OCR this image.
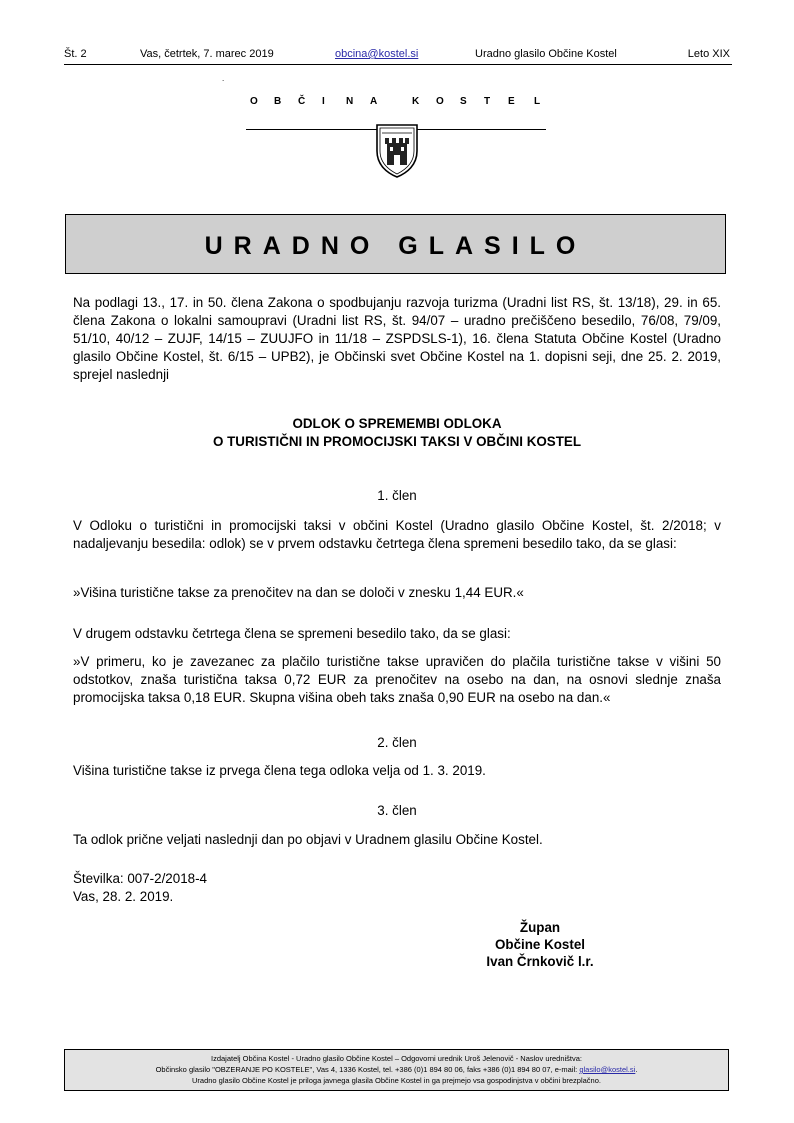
Št. 2	Vas, četrtek, 7. marec 2019	obcina@kostel.si	Uradno glasilo Občine Kostel	Leto XIX
.
O B Č I N A	K O S T E L
URADNO GLASILO

Na podlagi 13., 17. in 50. člena Zakona o spodbujanju razvoja turizma (Uradni list RS, št. 13/18), 29. in 65. člena Zakona o lokalni samoupravi (Uradni list RS, št. 94/07 – uradno prečiščeno besedilo, 76/08, 79/09, 51/10, 40/12 – ZUJF, 14/15 – ZUUJFO in 11/18 – ZSPDSLS-1), 16. člena Statuta Občine Kostel (Uradno glasilo Občine Kostel, št. 6/15 – UPB2), je Občinski svet Občine Kostel na 1. dopisni seji, dne 25. 2. 2019, sprejel naslednji

ODLOK O SPREMEMBI ODLOKA
O TURISTIČNI IN PROMOCIJSKI TAKSI V OBČINI KOSTEL
1. člen

V Odloku o turistični in promocijski taksi v občini Kostel (Uradno glasilo Občine Kostel, št. 2/2018; v nadaljevanju besedila: odlok) se v prvem odstavku četrtega člena spremeni besedilo tako, da se glasi:

»Višina turistične takse za prenočitev na dan se določi v znesku 1,44 EUR.«

V drugem odstavku četrtega člena se spremeni besedilo tako, da se glasi:

»V primeru, ko je zavezanec za plačilo turistične takse upravičen do plačila turistične takse v višini 50 odstotkov, znaša turistična taksa 0,72 EUR za prenočitev na osebo na dan, na osnovi slednje znaša promocijska taksa 0,18 EUR. Skupna višina obeh taks znaša 0,90 EUR na osebo na dan.«

2. člen

Višina turistične takse iz prvega člena tega odloka velja od 1. 3. 2019.

3. člen

Ta odlok prične veljati naslednji dan po objavi v Uradnem glasilu Občine Kostel.

Številka: 007-2/2018-4
Vas, 28. 2. 2019.
Župan
Občine Kostel
Ivan Črnkovič l.r.
Izdajatelj Občina Kostel - Uradno glasilo Občine Kostel – Odgovorni urednik Uroš Jelenovič - Naslov uredništva:
Občinsko glasilo "OBZERANJE PO KOSTELE", Vas 4, 1336 Kostel, tel. +386 (0)1 894 80 06, faks +386 (0)1 894 80 07, e-mail: glasilo@kostel.si.
Uradno glasilo Občine Kostel je priloga javnega glasila Občine Kostel in ga prejmejo vsa gospodinjstva v občini brezplačno.
